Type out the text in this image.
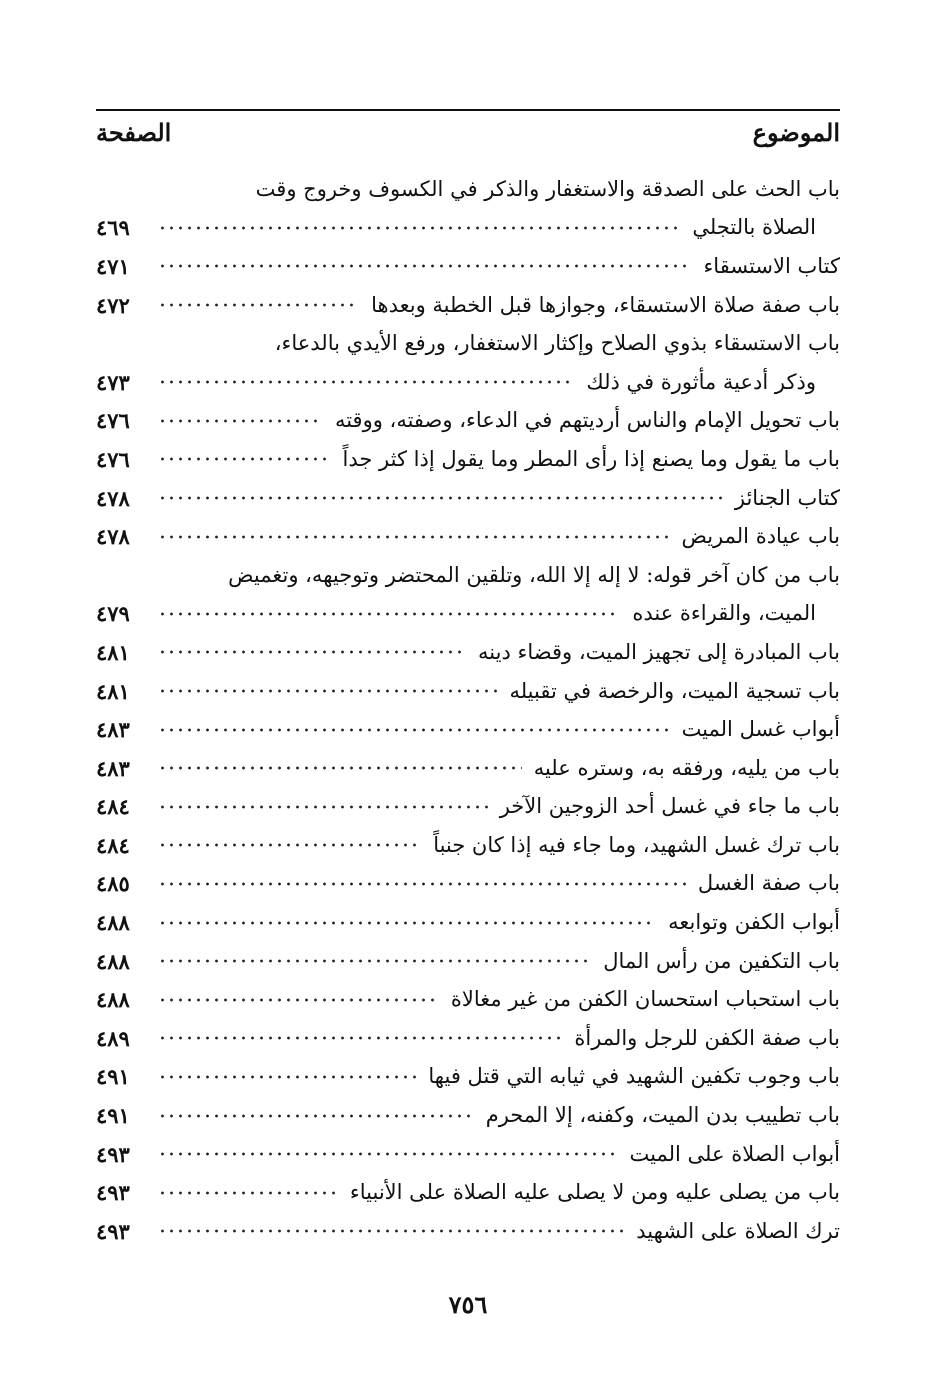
الموضوع
الصفحة
باب الحث على الصدقة والاستغفار والذكر في الكسوف وخروج وقت
الصلاة بالتجلي
٤٦٩
كتاب الاستسقاء
٤٧١
باب صفة صلاة الاستسقاء، وجوازها قبل الخطبة وبعدها
٤٧٢
باب الاستسقاء بذوي الصلاح وإكثار الاستغفار، ورفع الأيدي بالدعاء،
وذكر أدعية مأثورة في ذلك
٤٧٣
باب تحويل الإمام والناس أرديتهم في الدعاء، وصفته، ووقته
٤٧٦
باب ما يقول وما يصنع إذا رأى المطر وما يقول إذا كثر جداً
٤٧٦
كتاب الجنائز
٤٧٨
باب عيادة المريض
٤٧٨
باب من كان آخر قوله: لا إله إلا الله، وتلقين المحتضر وتوجيهه، وتغميض
الميت، والقراءة عنده
٤٧٩
باب المبادرة إلى تجهيز الميت، وقضاء دينه
٤٨١
باب تسجية الميت، والرخصة في تقبيله
٤٨١
أبواب غسل الميت
٤٨٣
باب من يليه، ورفقه به، وستره عليه
٤٨٣
باب ما جاء في غسل أحد الزوجين الآخر
٤٨٤
باب ترك غسل الشهيد، وما جاء فيه إذا كان جنباً
٤٨٤
باب صفة الغسل
٤٨٥
أبواب الكفن وتوابعه
٤٨٨
باب التكفين من رأس المال
٤٨٨
باب استحباب استحسان الكفن من غير مغالاة
٤٨٨
باب صفة الكفن للرجل والمرأة
٤٨٩
باب وجوب تكفين الشهيد في ثيابه التي قتل فيها
٤٩١
باب تطييب بدن الميت، وكفنه، إلا المحرم
٤٩١
أبواب الصلاة على الميت
٤٩٣
باب من يصلى عليه ومن لا يصلى عليه الصلاة على الأنبياء
٤٩٣
ترك الصلاة على الشهيد
٤٩٣
٧٥٦
